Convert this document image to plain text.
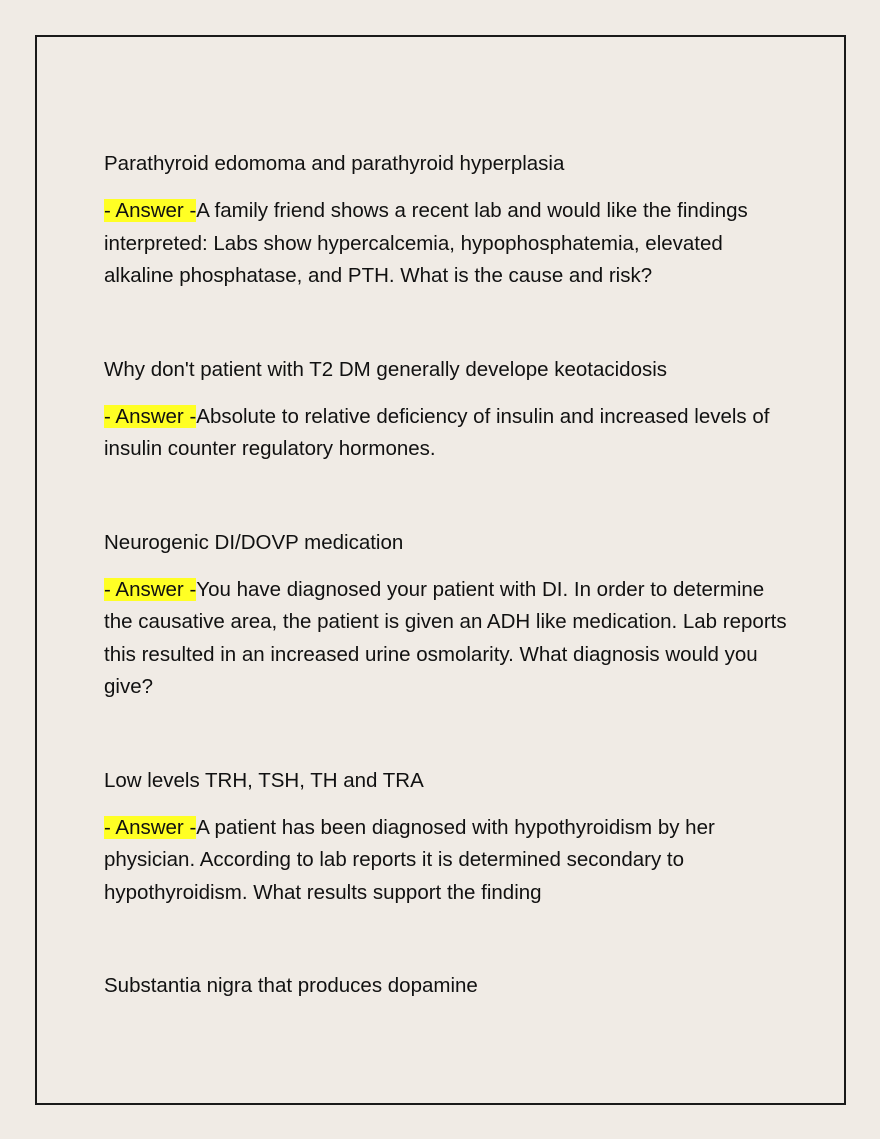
Parathyroid edomoma and parathyroid hyperplasia

- Answer -A family friend shows a recent lab and would like the findings interpreted: Labs show hypercalcemia, hypophosphatemia, elevated alkaline phosphatase, and PTH. What is the cause and risk?

Why don't patient with T2 DM generally develope keotacidosis

- Answer -Absolute to relative deficiency of insulin and increased levels of insulin counter regulatory hormones.

Neurogenic DI/DOVP medication

- Answer -You have diagnosed your patient with DI. In order to determine the causative area, the patient is given an ADH like medication. Lab reports this resulted in an increased urine osmolarity. What diagnosis would you give?

Low levels TRH, TSH, TH and TRA

- Answer -A patient has been diagnosed with hypothyroidism by her physician. According to lab reports it is determined secondary to hypothyroidism. What results support the finding

Substantia nigra that produces dopamine
